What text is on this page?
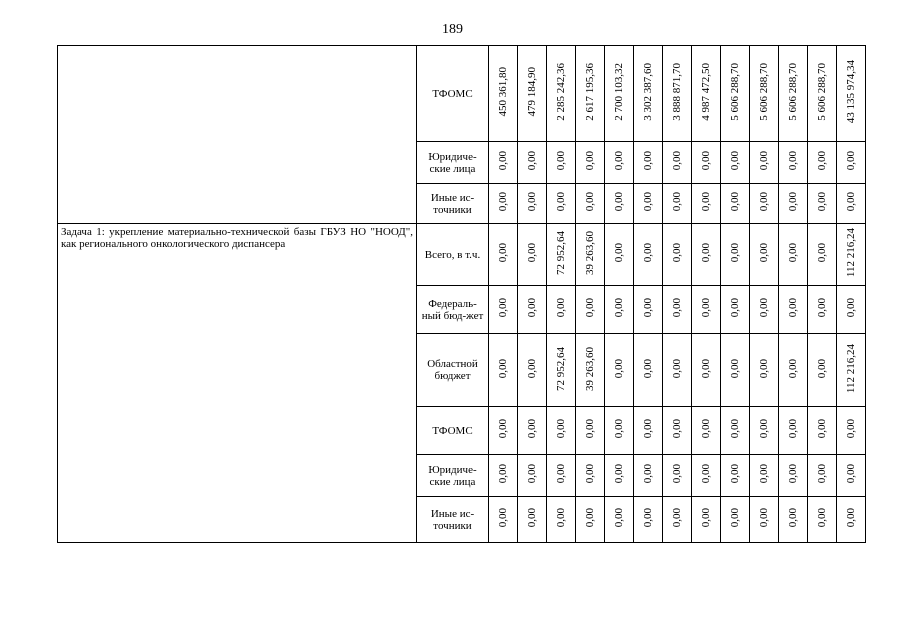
189
	ТФОМС	450 361,80	479 184,90	2 285 242,36	2 617 195,36	2 700 103,32	3 302 387,60	3 888 871,70	4 987 472,50	5 606 288,70	5 606 288,70	5 606 288,70	5 606 288,70	43 135 974,34
	Юридиче-ские лица	0,00	0,00	0,00	0,00	0,00	0,00	0,00	0,00	0,00	0,00	0,00	0,00	0,00
	Иные ис-точники	0,00	0,00	0,00	0,00	0,00	0,00	0,00	0,00	0,00	0,00	0,00	0,00	0,00
Задача 1: укрепление материально-технической базы ГБУЗ НО "НООД", как регионального онкологического диспансера	Всего, в т.ч.	0,00	0,00	72 952,64	39 263,60	0,00	0,00	0,00	0,00	0,00	0,00	0,00	0,00	112 216,24
	Федераль-ный бюд-жет	0,00	0,00	0,00	0,00	0,00	0,00	0,00	0,00	0,00	0,00	0,00	0,00	0,00
	Областной бюджет	0,00	0,00	72 952,64	39 263,60	0,00	0,00	0,00	0,00	0,00	0,00	0,00	0,00	112 216,24
	ТФОМС	0,00	0,00	0,00	0,00	0,00	0,00	0,00	0,00	0,00	0,00	0,00	0,00	0,00
	Юридиче-ские лица	0,00	0,00	0,00	0,00	0,00	0,00	0,00	0,00	0,00	0,00	0,00	0,00	0,00
	Иные ис-точники	0,00	0,00	0,00	0,00	0,00	0,00	0,00	0,00	0,00	0,00	0,00	0,00	0,00
